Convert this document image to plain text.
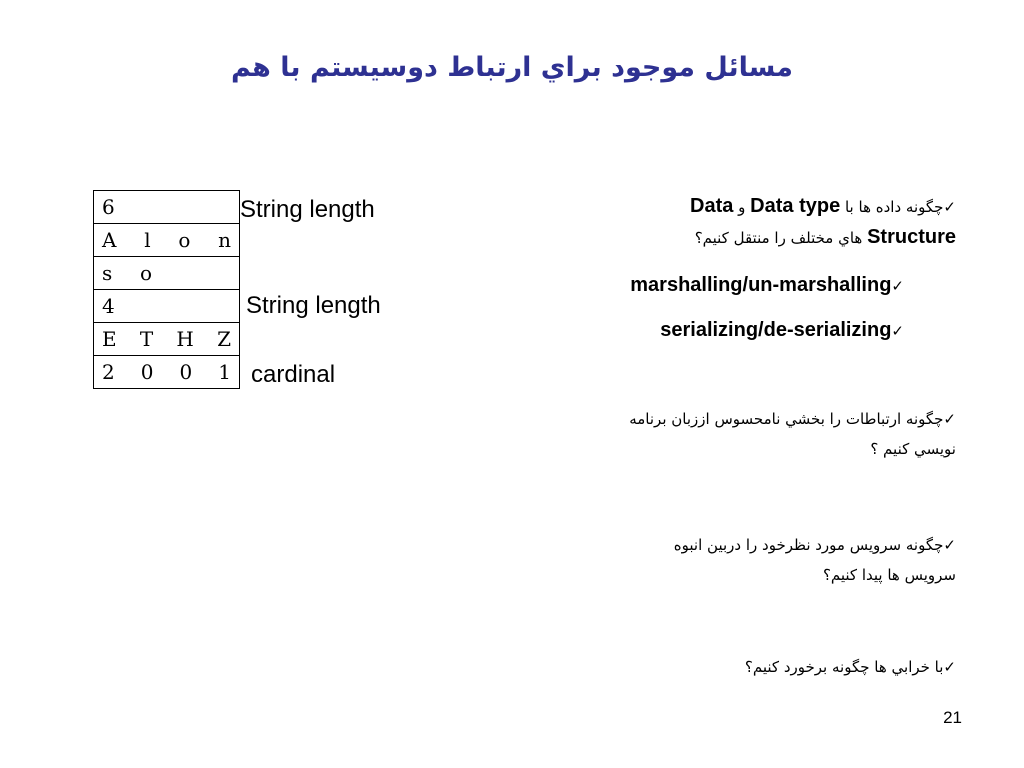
مسائل موجود براي ارتباط دوسيستم با هم
6

A l o n

s	o

4

E T H Z

2 0 0 1
String length
String length
cardinal
✓چگونه داده ها با Data type و Data
Structure هاي مختلف را منتقل كنيم؟
marshalling/un-marshalling✓
serializing/de-serializing✓
✓چگونه ارتباطات را بخشي نامحسوس اززبان برنامه
نويسي كنيم ؟
✓چگونه سرويس مورد نظرخود را دربين انبوه
سرويس ها پيدا كنيم؟
✓با خرابي ها چگونه برخورد كنيم؟
21
